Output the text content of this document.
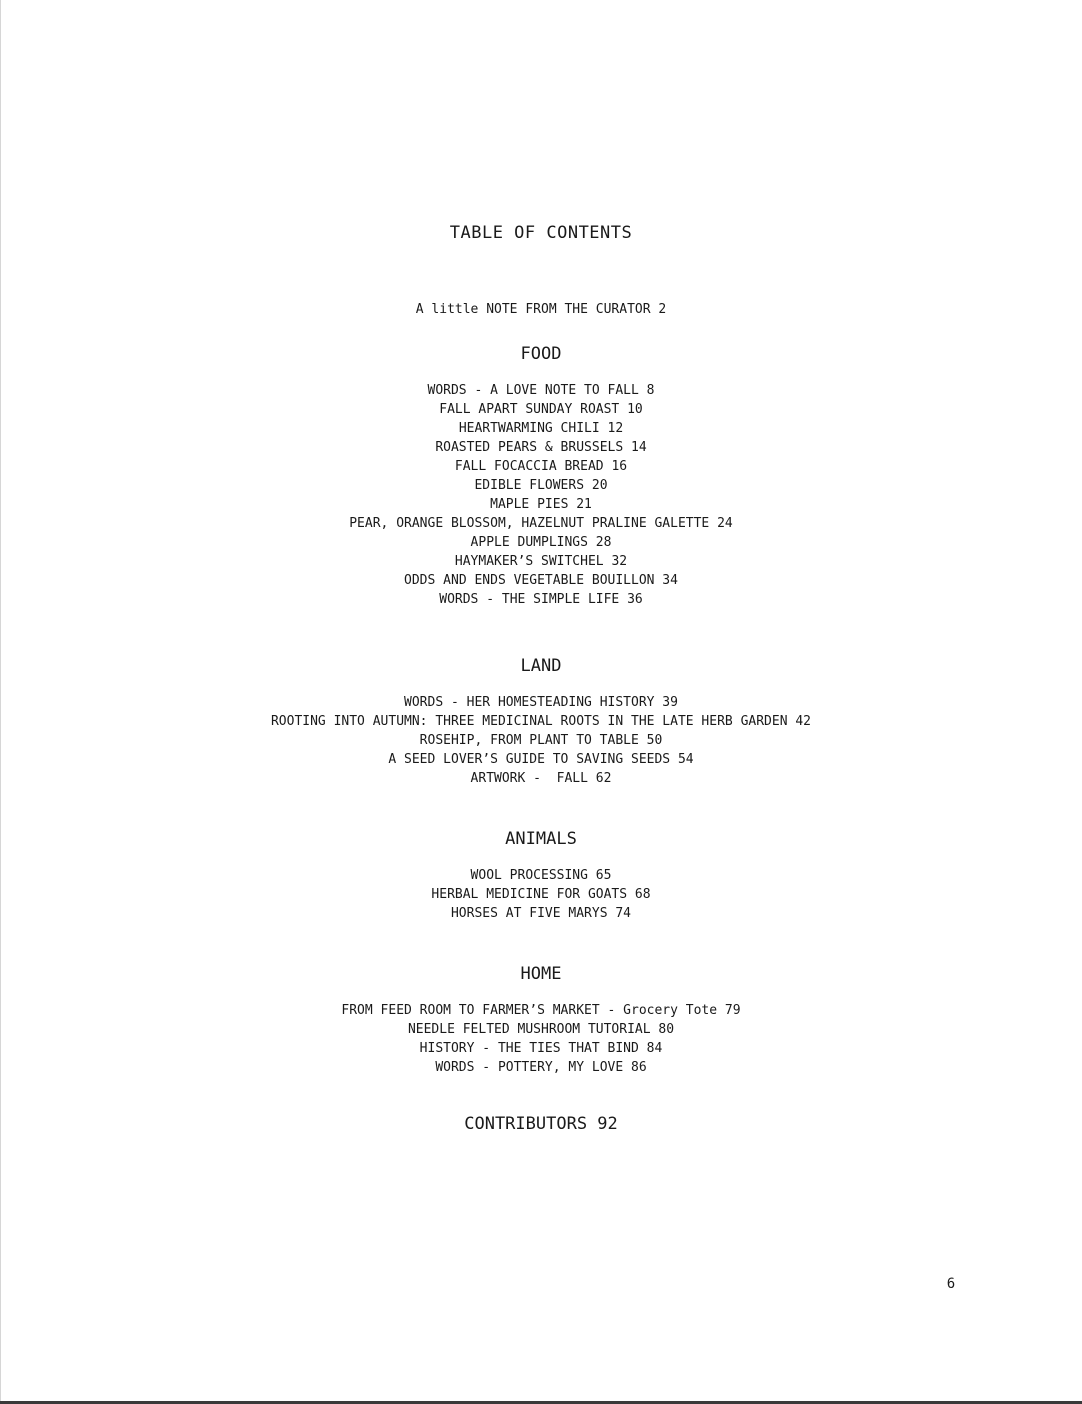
TABLE OF CONTENTS
A little NOTE FROM THE CURATOR 2
FOOD
WORDS - A LOVE NOTE TO FALL 8
FALL APART SUNDAY ROAST 10
HEARTWARMING CHILI 12
ROASTED PEARS & BRUSSELS 14
FALL FOCACCIA BREAD 16
EDIBLE FLOWERS 20
MAPLE PIES 21
PEAR, ORANGE BLOSSOM, HAZELNUT PRALINE GALETTE 24
APPLE DUMPLINGS 28
HAYMAKER’S SWITCHEL 32
ODDS AND ENDS VEGETABLE BOUILLON 34
WORDS - THE SIMPLE LIFE 36
LAND
WORDS - HER HOMESTEADING HISTORY 39
ROOTING INTO AUTUMN: THREE MEDICINAL ROOTS IN THE LATE HERB GARDEN 42
ROSEHIP, FROM PLANT TO TABLE 50
A SEED LOVER’S GUIDE TO SAVING SEEDS 54
ARTWORK -  FALL 62
ANIMALS
WOOL PROCESSING 65
HERBAL MEDICINE FOR GOATS 68
HORSES AT FIVE MARYS 74
HOME
FROM FEED ROOM TO FARMER’S MARKET - Grocery Tote 79
NEEDLE FELTED MUSHROOM TUTORIAL 80
HISTORY - THE TIES THAT BIND 84
WORDS - POTTERY, MY LOVE 86
CONTRIBUTORS 92
6
